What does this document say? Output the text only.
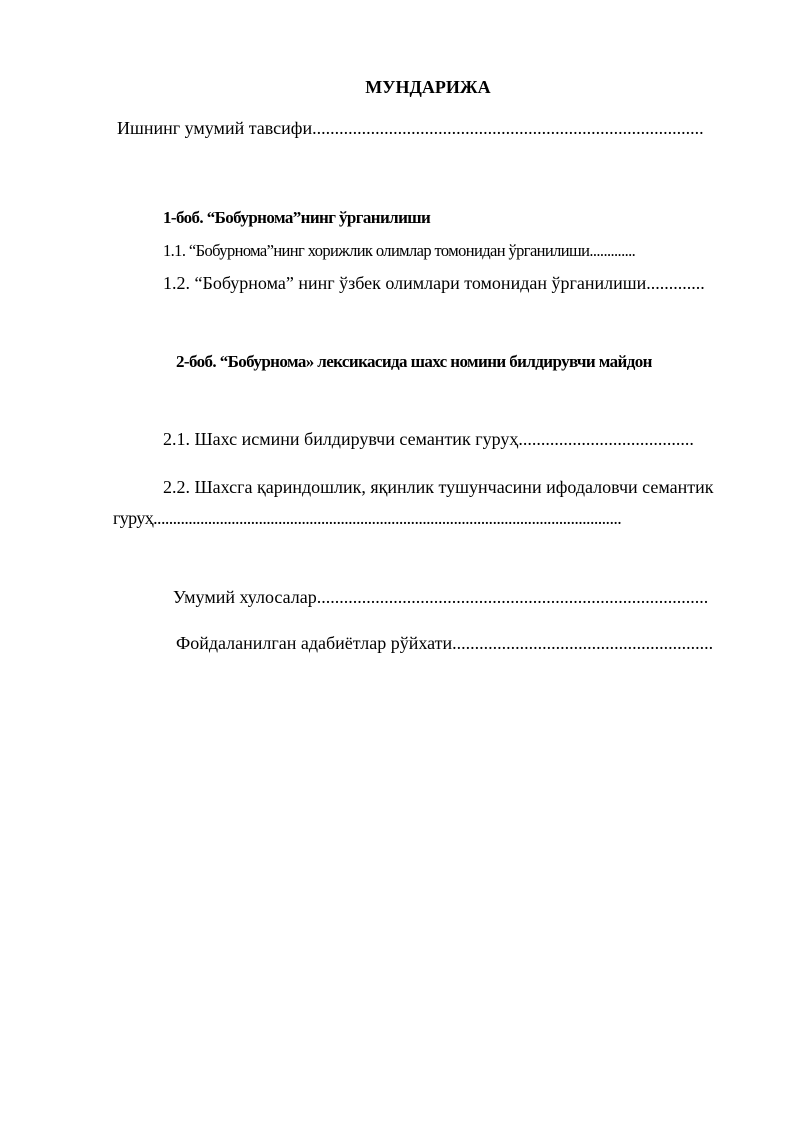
МУНДАРИЖА
Ишнинг умумий тавсифи.......................................................................................
1-боб. “Бобурнома”нинг ўрганилиши
1.1. “Бобурнома”нинг хорижлик олимлар томонидан ўрганилиши.............
1.2. “Бобурнома” нинг ўзбек олимлари томонидан ўрганилиши.............
2-боб. “Бобурнома» лексикасида шахс номини билдирувчи майдон
2.1. Шахс исмини билдирувчи семантик гуруҳ.......................................
2.2. Шахсга қариндошлик, яқинлик тушунчасини ифодаловчи семантик
гуруҳ........................................................................................................................
Умумий хулосалар.......................................................................................
Фойдаланилган адабиётлар рўйхати..........................................................
